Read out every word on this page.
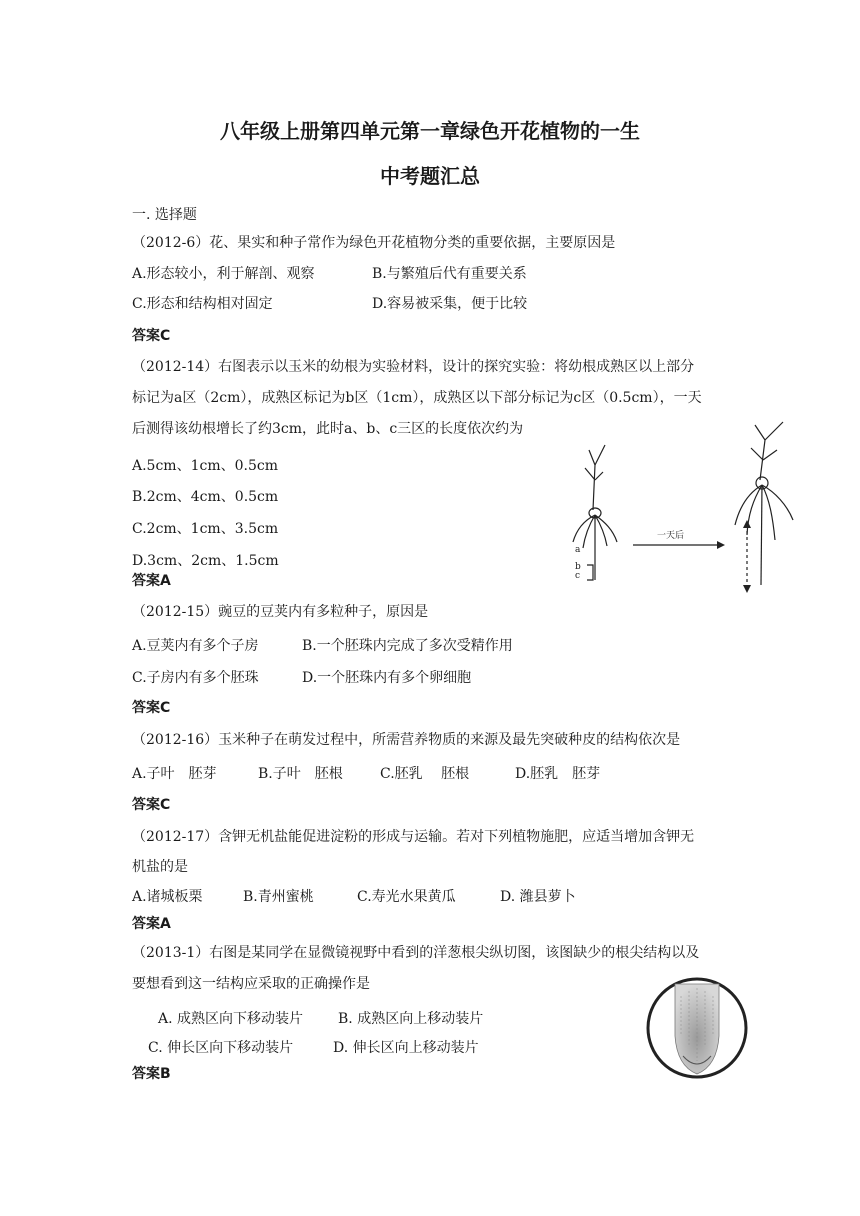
八年级上册第四单元第一章绿色开花植物的一生
中考题汇总
一. 选择题
（2012-6）花、果实和种子常作为绿色开花植物分类的重要依据，主要原因是
A.形态较小，利于解剖、观察	B.与繁殖后代有重要关系
C.形态和结构相对固定	D.容易被采集，便于比较
答案C
（2012-14）右图表示以玉米的幼根为实验材料，设计的探究实验：将幼根成熟区以上部分
标记为a区（2cm），成熟区标记为b区（1cm），成熟区以下部分标记为c区（0.5cm），一天
后测得该幼根增长了约3cm，此时a、b、c三区的长度依次约为
A.5cm、1cm、0.5cm
B.2cm、4cm、0.5cm
C.2cm、1cm、3.5cm
D.3cm、2cm、1.5cm
答案A
a
b
c
一天后
（2012-15）豌豆的豆荚内有多粒种子，原因是
A.豆荚内有多个子房	B.一个胚珠内完成了多次受精作用
C.子房内有多个胚珠	D.一个胚珠内有多个卵细胞
答案C
（2012-16）玉米种子在萌发过程中，所需营养物质的来源及最先突破种皮的结构依次是
A.子叶　胚芽	B.子叶　胚根	C.胚乳　 胚根	D.胚乳　胚芽
答案C
（2012-17）含钾无机盐能促进淀粉的形成与运输。若对下列植物施肥，应适当增加含钾无
机盐的是
A.诸城板栗	B.青州蜜桃	C.寿光水果黄瓜	D. 潍县萝卜
答案A
（2013-1）右图是某同学在显微镜视野中看到的洋葱根尖纵切图，该图缺少的根尖结构以及
要想看到这一结构应采取的正确操作是
A. 成熟区向下移动装片 B. 成熟区向上移动装片
C. 伸长区向下移动装片	D. 伸长区向上移动装片
答案B
